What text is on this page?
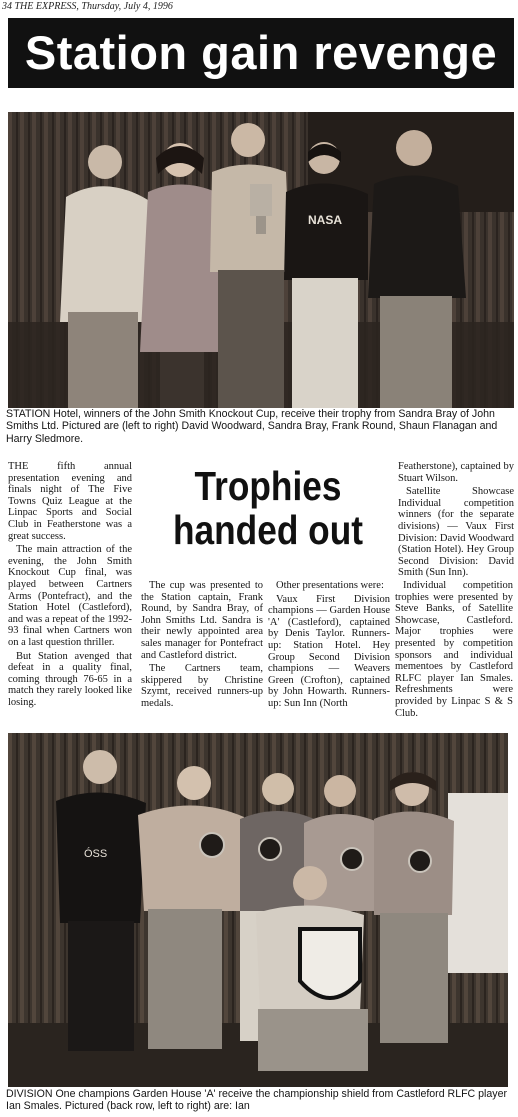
34 THE EXPRESS, Thursday, July 4, 1996
Station gain revenge
NASA
STATION Hotel, winners of the John Smith Knockout Cup, receive their trophy from Sandra Bray of John Smiths Ltd. Pictured are (left to right) David Woodward, Sandra Bray, Frank Round, Shaun Flanagan and Harry Sledmore.

THE fifth annual presentation evening and finals night of The Five Towns Quiz League at the Linpac Sports and Social Club in Featherstone was a great success.

The main attraction of the evening, the John Smith Knockout Cup final, was played between Cartners Arms (Pontefract), and the Station Hotel (Castleford), and was a repeat of the 1992-93 final when Cartners won on a last question thriller.

But Station avenged that defeat in a quality final, coming through 76-65 in a match they rarely looked like losing.

Trophies handed out

The cup was presented to the Station captain, Frank Round, by Sandra Bray, of John Smiths Ltd. Sandra is their newly appointed area sales manager for Pontefract and Castleford district.

The Cartners team, skippered by Christine Szymt, received runners-up medals.

Other presentations were:

Vaux First Division champions — Garden House 'A' (Castleford), captained by Denis Taylor. Runners-up: Station Hotel. Hey Group Second Division champions — Weavers Green (Crofton), captained by John Howarth. Runners-up: Sun Inn (North

Featherstone), captained by Stuart Wilson.

Satellite Showcase Individual competition winners (for the separate divisions) — Vaux First Division: David Woodward (Station Hotel). Hey Group Second Division: David Smith (Sun Inn).

Individual competition trophies were presented by Steve Banks, of Satellite Showcase, Castleford. Major trophies were presented by competition sponsors and individual mementoes by Castleford RLFC player Ian Smales. Refreshments were provided by Linpac S & S Club.

ÓSS
DIVISION One champions Garden House 'A' receive the championship shield from Castleford RLFC player Ian Smales. Pictured (back row, left to right) are: Ian
